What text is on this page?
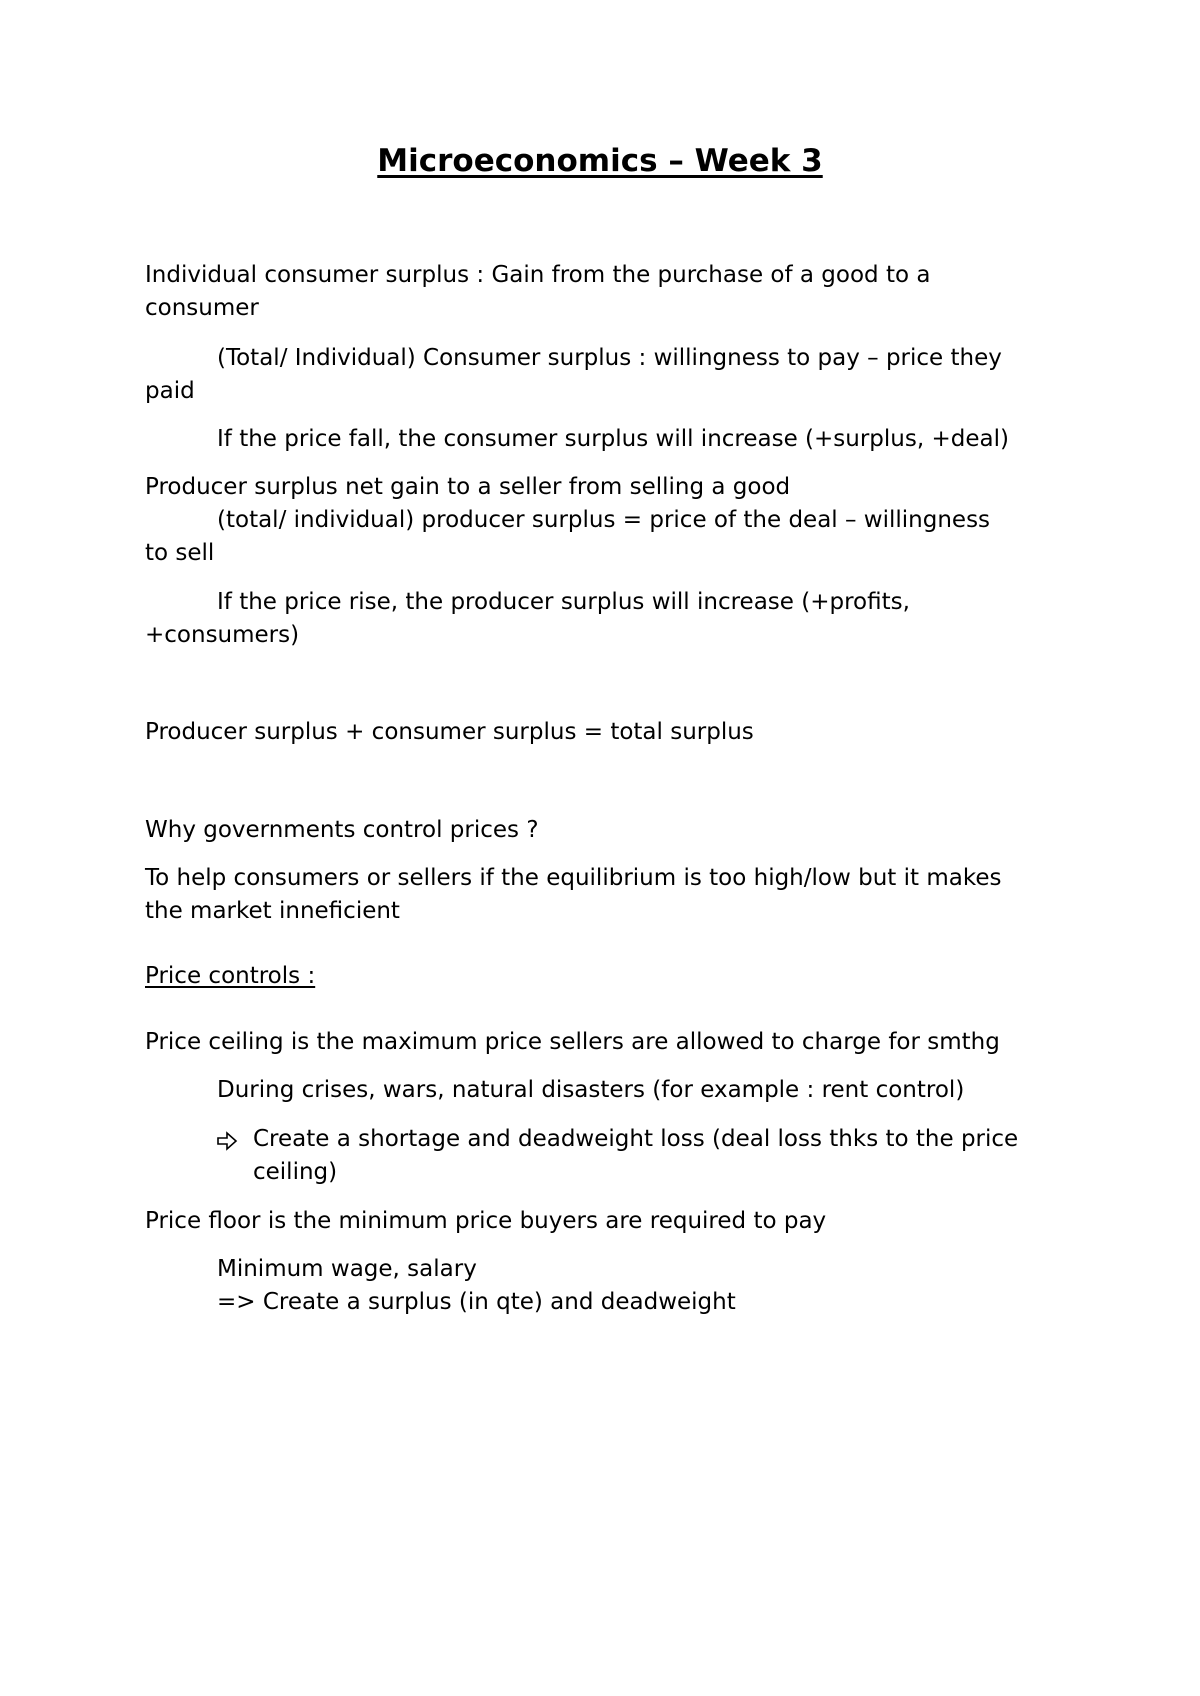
Microeconomics – Week 3
Individual consumer surplus : Gain from the purchase of a good to a
consumer
(Total/ Individual) Consumer surplus : willingness to pay – price they
paid
If the price fall, the consumer surplus will increase (+surplus, +deal)
Producer surplus net gain to a seller from selling a good
(total/ individual) producer surplus = price of the deal – willingness
to sell
If the price rise, the producer surplus will increase (+profits,
+consumers)
Producer surplus + consumer surplus = total surplus
Why governments control prices ?
To help consumers or sellers if the equilibrium is too high/low but it makes
the market inneficient
Price controls :
Price ceiling is the maximum price sellers are allowed to charge for smthg
During crises, wars, natural disasters (for example : rent control)
Create a shortage and deadweight loss (deal loss thks to the price
ceiling)
Price floor is the minimum price buyers are required to pay
Minimum wage, salary
=> Create a surplus (in qte) and deadweight
